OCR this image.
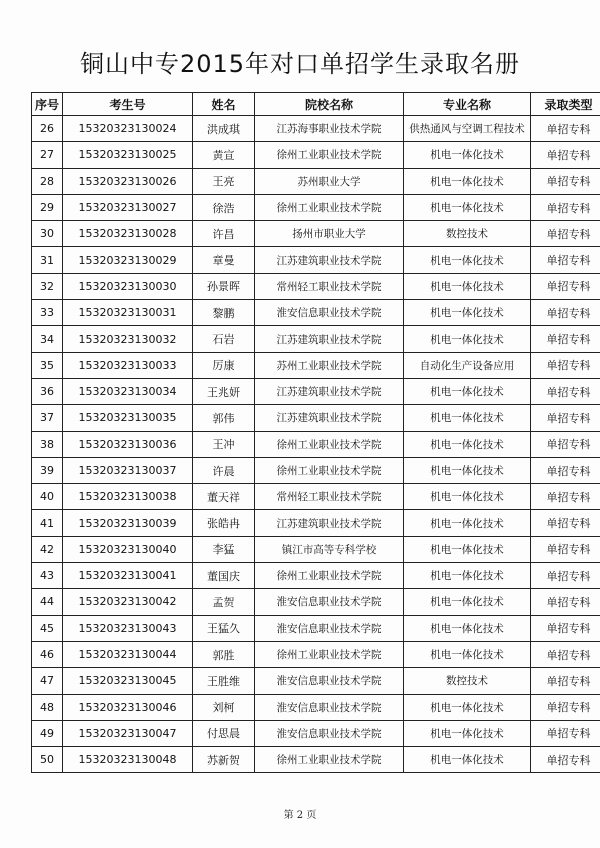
铜山中专2015年对口单招学生录取名册
序号	考生号	姓名	院校名称	专业名称	录取类型
26	15320323130024	洪成琪	江苏海事职业技术学院	供热通风与空调工程技术	单招专科
27	15320323130025	黄宣	徐州工业职业技术学院	机电一体化技术	单招专科
28	15320323130026	王亮	苏州职业大学	机电一体化技术	单招专科
29	15320323130027	徐浩	徐州工业职业技术学院	机电一体化技术	单招专科
30	15320323130028	许昌	扬州市职业大学	数控技术	单招专科
31	15320323130029	章曼	江苏建筑职业技术学院	机电一体化技术	单招专科
32	15320323130030	孙景晖	常州轻工职业技术学院	机电一体化技术	单招专科
33	15320323130031	黎鹏	淮安信息职业技术学院	机电一体化技术	单招专科
34	15320323130032	石岩	江苏建筑职业技术学院	机电一体化技术	单招专科
35	15320323130033	厉康	苏州工业职业技术学院	自动化生产设备应用	单招专科
36	15320323130034	王兆妍	江苏建筑职业技术学院	机电一体化技术	单招专科
37	15320323130035	郭伟	江苏建筑职业技术学院	机电一体化技术	单招专科
38	15320323130036	王冲	徐州工业职业技术学院	机电一体化技术	单招专科
39	15320323130037	许晨	徐州工业职业技术学院	机电一体化技术	单招专科
40	15320323130038	董天祥	常州轻工职业技术学院	机电一体化技术	单招专科
41	15320323130039	张皓冉	江苏建筑职业技术学院	机电一体化技术	单招专科
42	15320323130040	李猛	镇江市高等专科学校	机电一体化技术	单招专科
43	15320323130041	董国庆	徐州工业职业技术学院	机电一体化技术	单招专科
44	15320323130042	孟贺	淮安信息职业技术学院	机电一体化技术	单招专科
45	15320323130043	王猛久	淮安信息职业技术学院	机电一体化技术	单招专科
46	15320323130044	郭胜	徐州工业职业技术学院	机电一体化技术	单招专科
47	15320323130045	王胜维	淮安信息职业技术学院	数控技术	单招专科
48	15320323130046	刘柯	淮安信息职业技术学院	机电一体化技术	单招专科
49	15320323130047	付思晨	淮安信息职业技术学院	机电一体化技术	单招专科
50	15320323130048	苏新贺	徐州工业职业技术学院	机电一体化技术	单招专科
第 2 页
